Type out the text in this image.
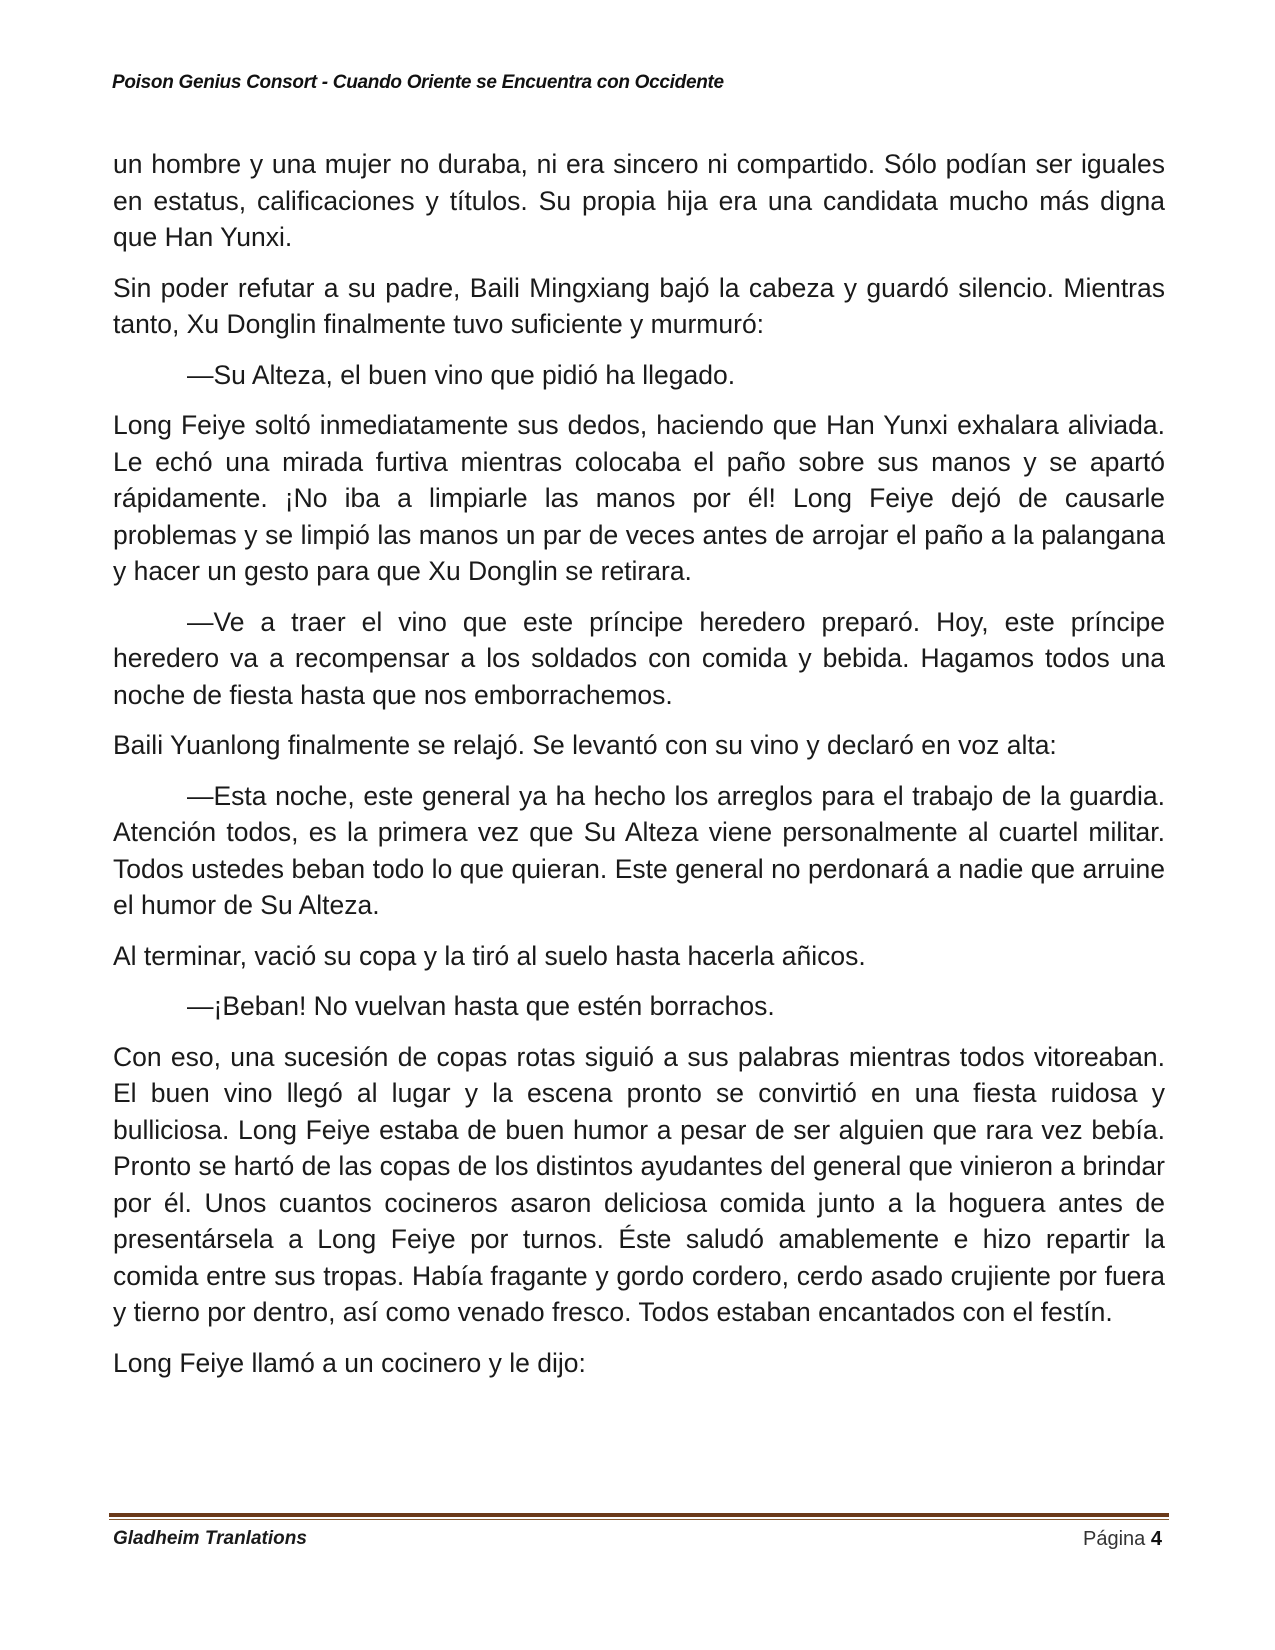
Poison Genius Consort - Cuando Oriente se Encuentra con Occidente

un hombre y una mujer no duraba, ni era sincero ni compartido. Sólo podían ser iguales en estatus, calificaciones y títulos. Su propia hija era una candidata mucho más digna que Han Yunxi.

Sin poder refutar a su padre, Baili Mingxiang bajó la cabeza y guardó silencio. Mientras tanto, Xu Donglin finalmente tuvo suficiente y murmuró:

—Su Alteza, el buen vino que pidió ha llegado.

Long Feiye soltó inmediatamente sus dedos, haciendo que Han Yunxi exhalara aliviada. Le echó una mirada furtiva mientras colocaba el paño sobre sus manos y se apartó rápidamente. ¡No iba a limpiarle las manos por él! Long Feiye dejó de causarle problemas y se limpió las manos un par de veces antes de arrojar el paño a la palangana y hacer un gesto para que Xu Donglin se retirara.

—Ve a traer el vino que este príncipe heredero preparó. Hoy, este príncipe heredero va a recompensar a los soldados con comida y bebida. Hagamos todos una noche de fiesta hasta que nos emborrachemos.

Baili Yuanlong finalmente se relajó. Se levantó con su vino y declaró en voz alta:

—Esta noche, este general ya ha hecho los arreglos para el trabajo de la guardia. Atención todos, es la primera vez que Su Alteza viene personalmente al cuartel militar. Todos ustedes beban todo lo que quieran. Este general no perdonará a nadie que arruine el humor de Su Alteza.

Al terminar, vació su copa y la tiró al suelo hasta hacerla añicos.

—¡Beban! No vuelvan hasta que estén borrachos.

Con eso, una sucesión de copas rotas siguió a sus palabras mientras todos vitoreaban. El buen vino llegó al lugar y la escena pronto se convirtió en una fiesta ruidosa y bulliciosa. Long Feiye estaba de buen humor a pesar de ser alguien que rara vez bebía. Pronto se hartó de las copas de los distintos ayudantes del general que vinieron a brindar por él. Unos cuantos cocineros asaron deliciosa comida junto a la hoguera antes de presentársela a Long Feiye por turnos. Éste saludó amablemente e hizo repartir la comida entre sus tropas. Había fragante y gordo cordero, cerdo asado crujiente por fuera y tierno por dentro, así como venado fresco. Todos estaban encantados con el festín.

Long Feiye llamó a un cocinero y le dijo:

Gladheim Tranlations	Página 4
